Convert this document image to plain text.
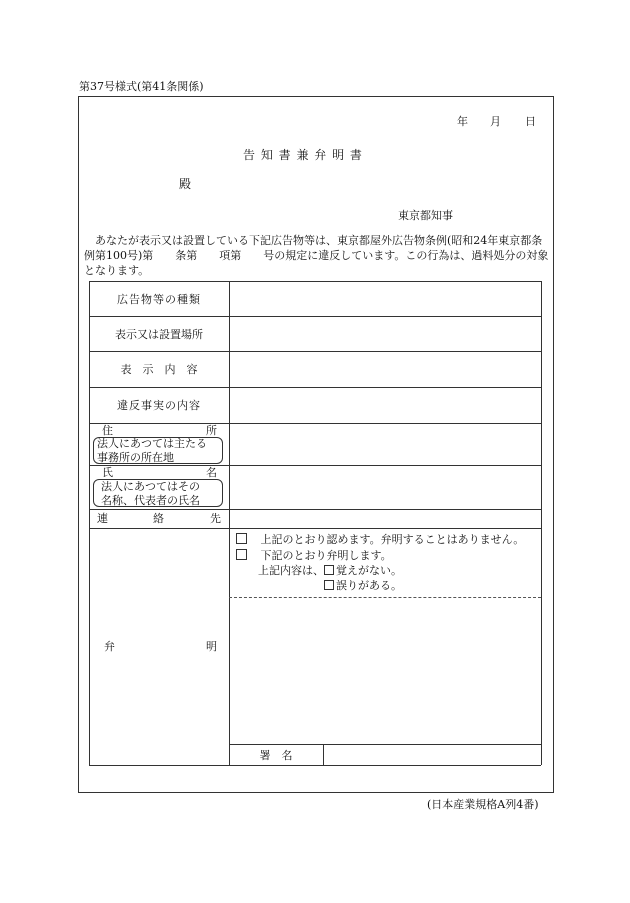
第37号様式(第41条関係)
年 月 日
告 知 書 兼 弁 明 書
殿
東京都知事
あなたが表示又は設置している下記広告物等は、東京都屋外広告物条例(昭和24年東京都条例第100号)第　　条第　　項第　　号の規定に違反しています。この行為は、過料処分の対象となります。
広告物等の種類
表示又は設置場所
表　示　内　容
違反事実の内容
住	所
法人にあつては主たる
事務所の所在地
氏	名
法人にあつてはその
名称、代表者の氏名
連	絡	先
弁	明
上記のとおり認めます。弁明することはありません。
下記のとおり弁明します。
上記内容は、 覚えがない。
誤りがある。
署　名
(日本産業規格A列4番)
